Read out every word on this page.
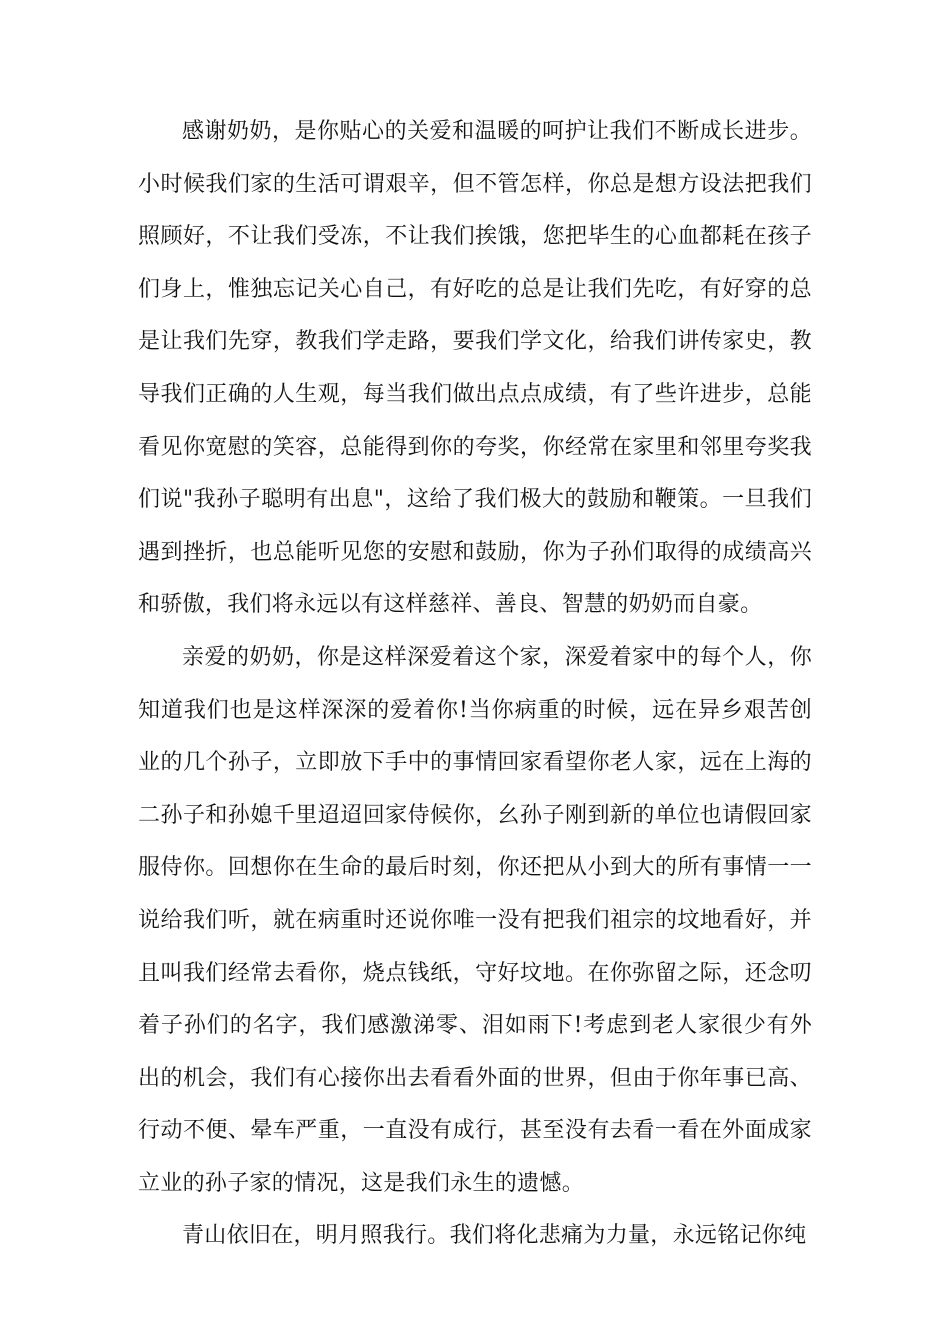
感谢奶奶，是你贴心的关爱和温暖的呵护让我们不断成长进步。小时候我们家的生活可谓艰辛，但不管怎样，你总是想方设法把我们照顾好，不让我们受冻，不让我们挨饿，您把毕生的心血都耗在孩子们身上，惟独忘记关心自己，有好吃的总是让我们先吃，有好穿的总是让我们先穿，教我们学走路，要我们学文化，给我们讲传家史，教导我们正确的人生观，每当我们做出点点成绩，有了些许进步，总能看见你宽慰的笑容，总能得到你的夸奖，你经常在家里和邻里夸奖我们说"我孙子聪明有出息"，这给了我们极大的鼓励和鞭策。一旦我们遇到挫折，也总能听见您的安慰和鼓励，你为子孙们取得的成绩高兴和骄傲，我们将永远以有这样慈祥、善良、智慧的奶奶而自豪。

亲爱的奶奶，你是这样深爱着这个家，深爱着家中的每个人，你知道我们也是这样深深的爱着你!当你病重的时候，远在异乡艰苦创业的几个孙子，立即放下手中的事情回家看望你老人家，远在上海的二孙子和孙媳千里迢迢回家侍候你，幺孙子刚到新的单位也请假回家服侍你。回想你在生命的最后时刻，你还把从小到大的所有事情一一说给我们听，就在病重时还说你唯一没有把我们祖宗的坟地看好，并且叫我们经常去看你，烧点钱纸，守好坟地。在你弥留之际，还念叨着子孙们的名字，我们感激涕零、泪如雨下!考虑到老人家很少有外出的机会，我们有心接你出去看看外面的世界，但由于你年事已高、行动不便、晕车严重，一直没有成行，甚至没有去看一看在外面成家立业的孙子家的情况，这是我们永生的遗憾。

青山依旧在，明月照我行。我们将化悲痛为力量，永远铭记你纯
